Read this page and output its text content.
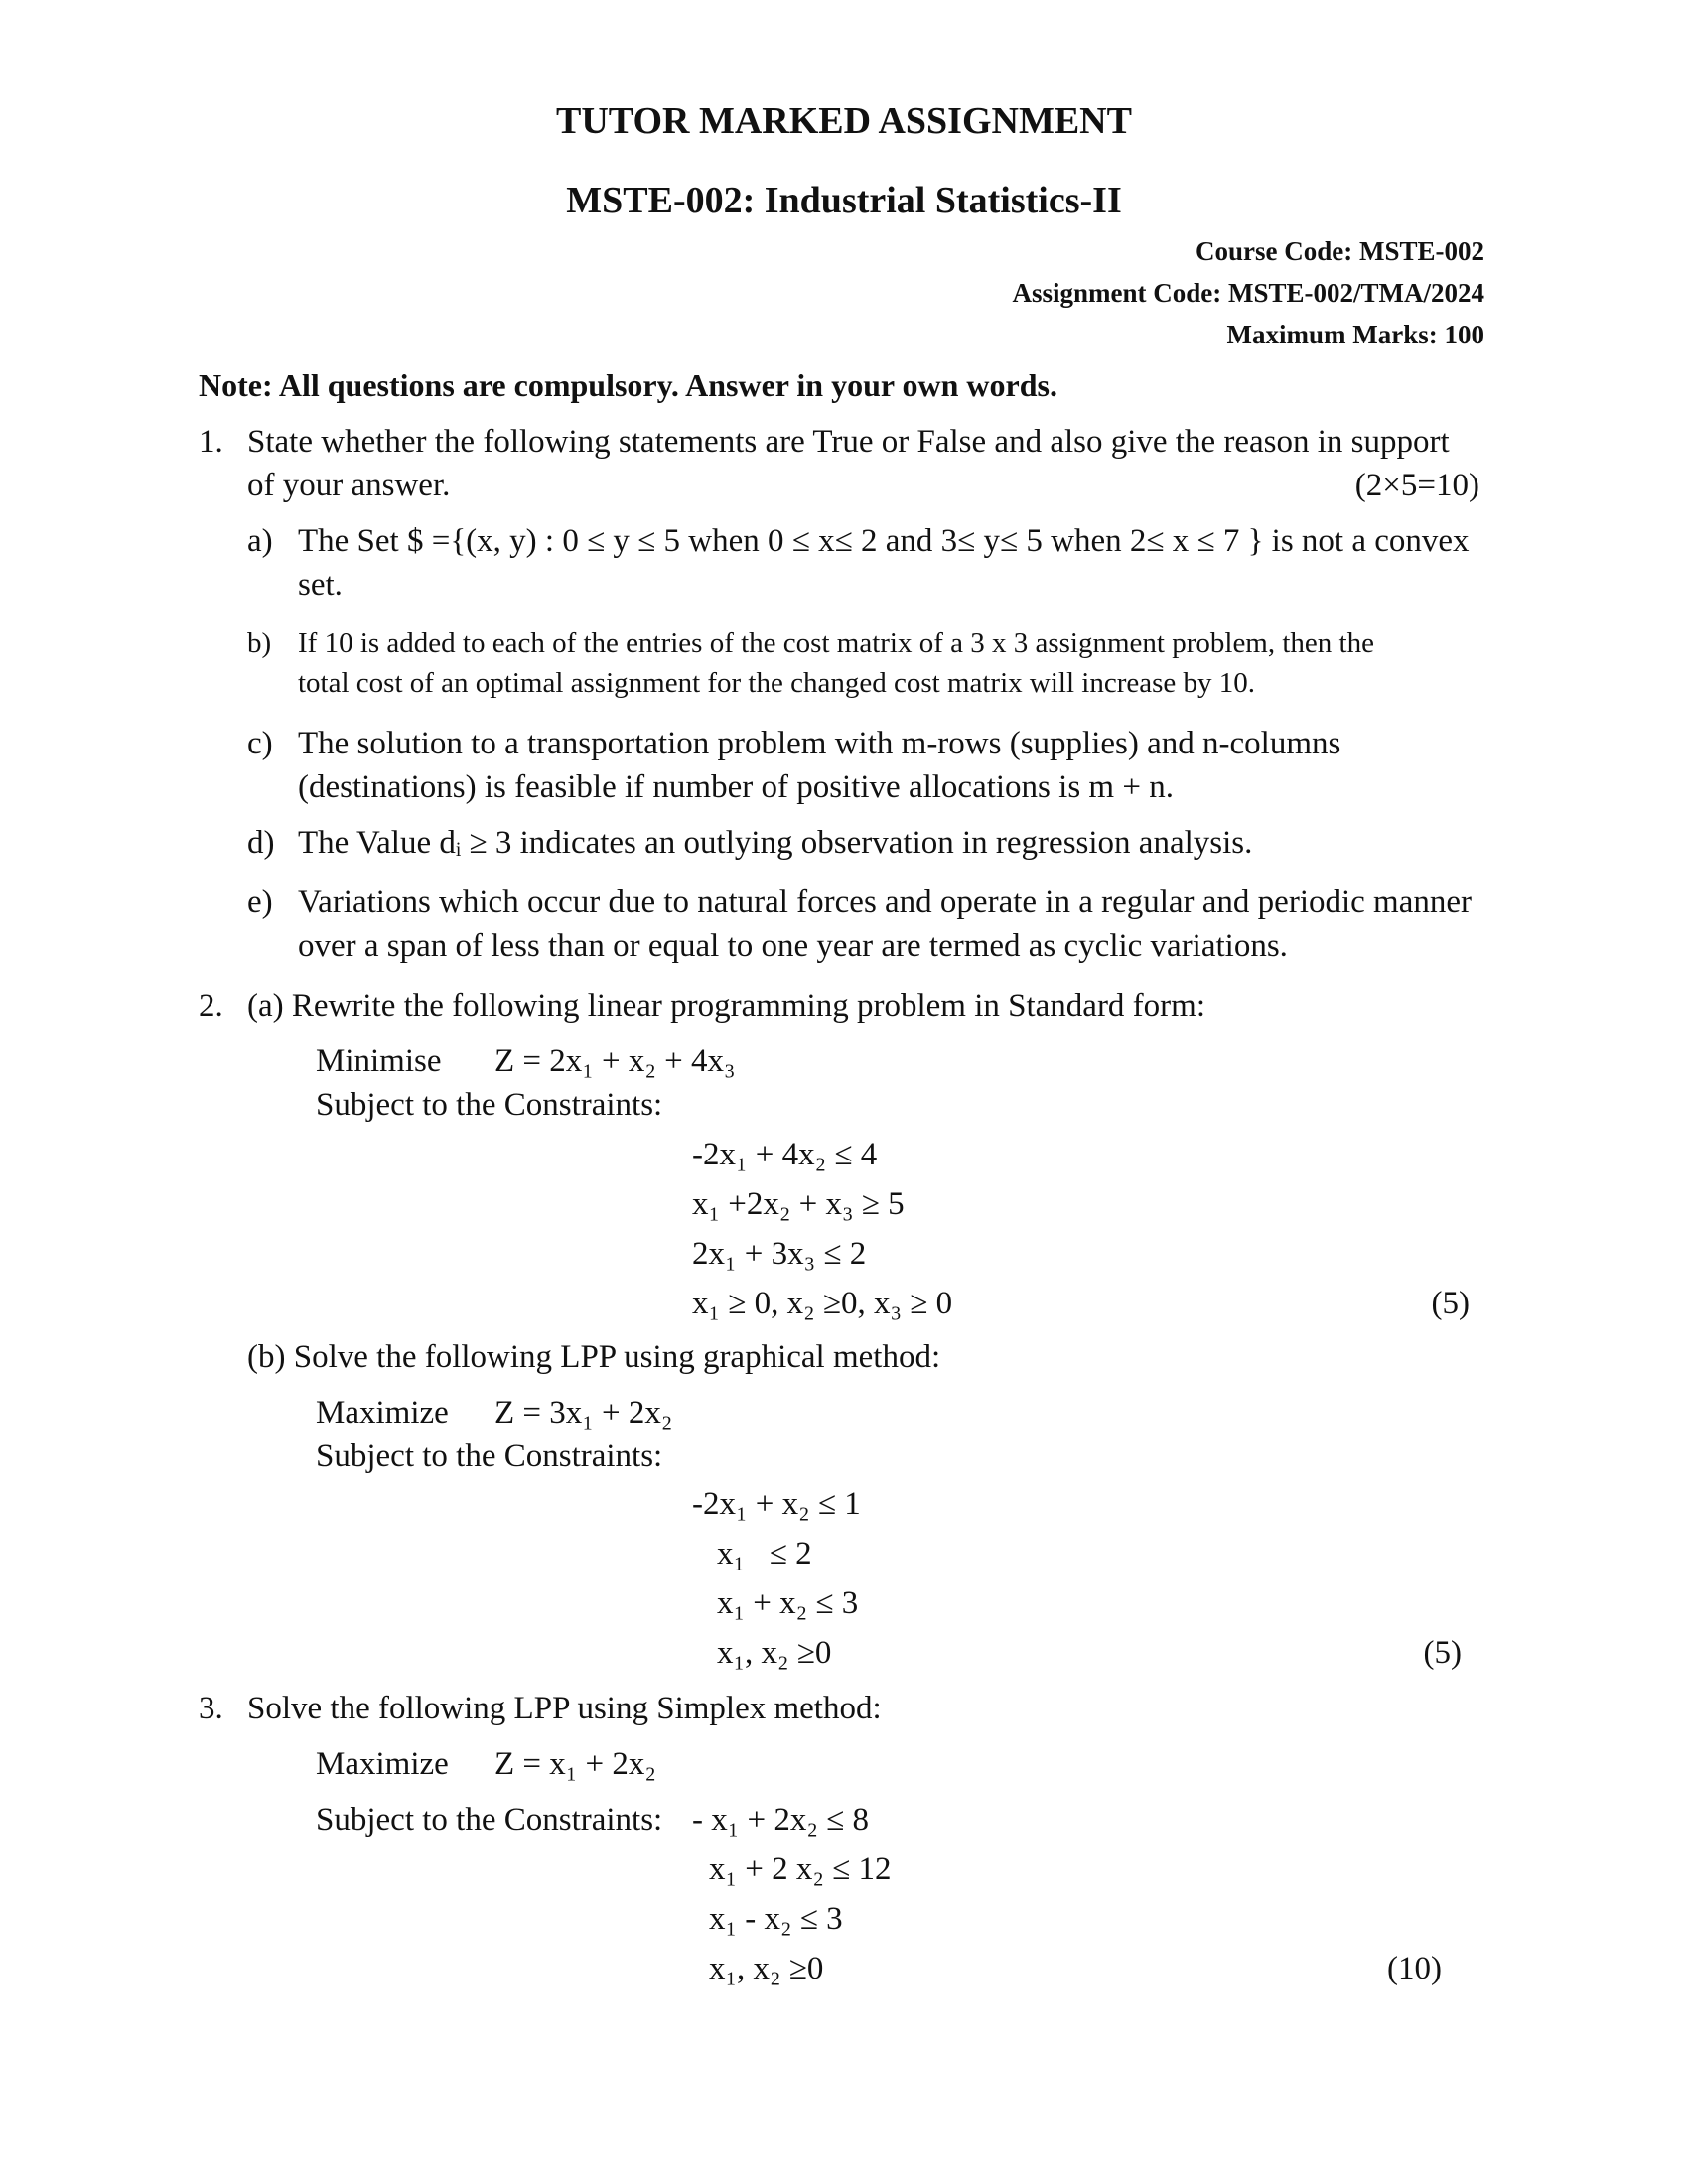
TUTOR MARKED ASSIGNMENT
MSTE-002: Industrial Statistics-II
Course Code: MSTE-002
Assignment Code: MSTE-002/TMA/2024
Maximum Marks: 100
Note: All questions are compulsory. Answer in your own words.
1. State whether the following statements are True or False and also give the reason in support
of your answer.	(2×5=10)
a) The Set $ ={(x, y) : 0 ≤ y ≤ 5 when 0 ≤ x≤ 2 and 3≤ y≤ 5 when 2≤ x ≤ 7 } is not a convex
set.
b) If 10 is added to each of the entries of the cost matrix of a 3 x 3 assignment problem, then the
total cost of an optimal assignment for the changed cost matrix will increase by 10.
c) The solution to a transportation problem with m-rows (supplies) and n-columns
(destinations) is feasible if number of positive allocations is m + n.
d) The Value dᵢ ≥ 3 indicates an outlying observation in regression analysis.
e) Variations which occur due to natural forces and operate in a regular and periodic manner
over a span of less than or equal to one year are termed as cyclic variations.
2. (a) Rewrite the following linear programming problem in Standard form:
Minimise Z = 2x₁ + x₂ + 4x₃
Subject to the Constraints:
-2x₁ + 4x₂ ≤ 4
x₁ +2x₂ + x₃ ≥ 5
2x₁ + 3x₃ ≤ 2
x₁ ≥ 0, x₂ ≥0, x₃ ≥ 0	(5)
(b) Solve the following LPP using graphical method:
Maximize Z = 3x₁ + 2x₂
Subject to the Constraints:
-2x₁ + x₂ ≤ 1
x₁   ≤ 2
x₁ + x₂ ≤ 3
x₁, x₂ ≥0	(5)
3. Solve the following LPP using Simplex method:
Maximize Z = x₁ + 2x₂
Subject to the Constraints: - x₁ + 2x₂ ≤ 8
x₁ + 2 x₂ ≤ 12
x₁ - x₂ ≤ 3
x₁, x₂ ≥0	(10)
